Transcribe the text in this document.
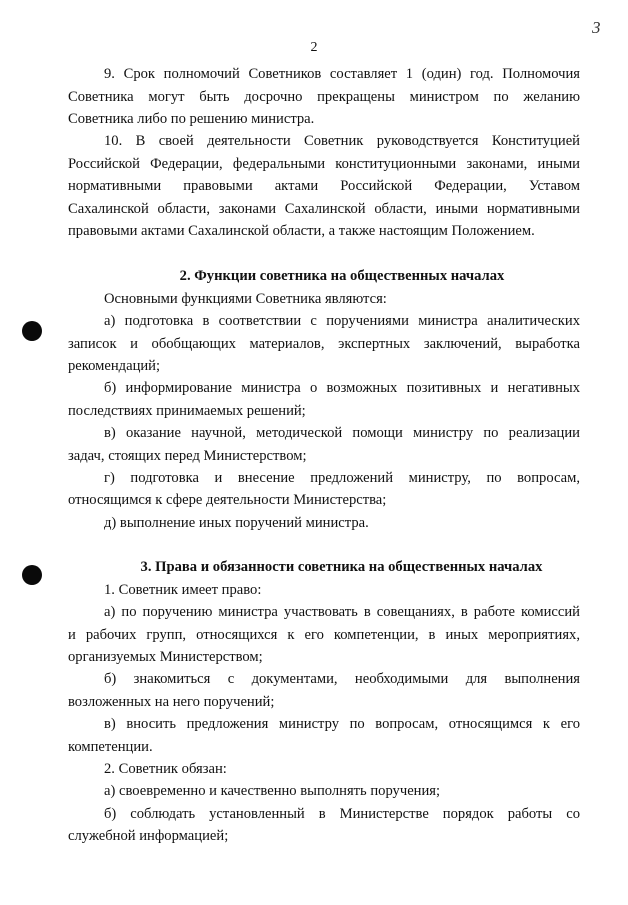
3
2
9. Срок полномочий Советников составляет 1 (один) год. Полномочия
Советника могут быть досрочно прекращены министром по желанию
Советника либо по решению министра.
10. В своей деятельности Советник руководствуется Конституцией
Российской Федерации, федеральными конституционными законами, иными
нормативными правовыми актами Российской Федерации, Уставом
Сахалинской области, законами Сахалинской области, иными нормативными
правовыми актами Сахалинской области, а также настоящим Положением.
2. Функции советника на общественных началах
Основными функциями Советника являются:
а) подготовка в соответствии с поручениями министра аналитических
записок и обобщающих материалов, экспертных заключений, выработка
рекомендаций;
б) информирование министра о возможных позитивных и негативных
последствиях принимаемых решений;
в) оказание научной, методической помощи министру по реализации
задач, стоящих перед Министерством;
г) подготовка и внесение предложений министру, по вопросам,
относящимся к сфере деятельности Министерства;
д) выполнение иных поручений министра.
3. Права и обязанности советника на общественных началах
1. Советник имеет право:
а) по поручению министра участвовать в совещаниях, в работе комиссий
и рабочих групп, относящихся к его компетенции, в иных мероприятиях,
организуемых Министерством;
б) знакомиться с документами, необходимыми для выполнения
возложенных на него поручений;
в) вносить предложения министру по вопросам, относящимся к его
компетенции.
2. Советник обязан:
а) своевременно и качественно выполнять поручения;
б) соблюдать установленный в Министерстве порядок работы со
служебной информацией;
